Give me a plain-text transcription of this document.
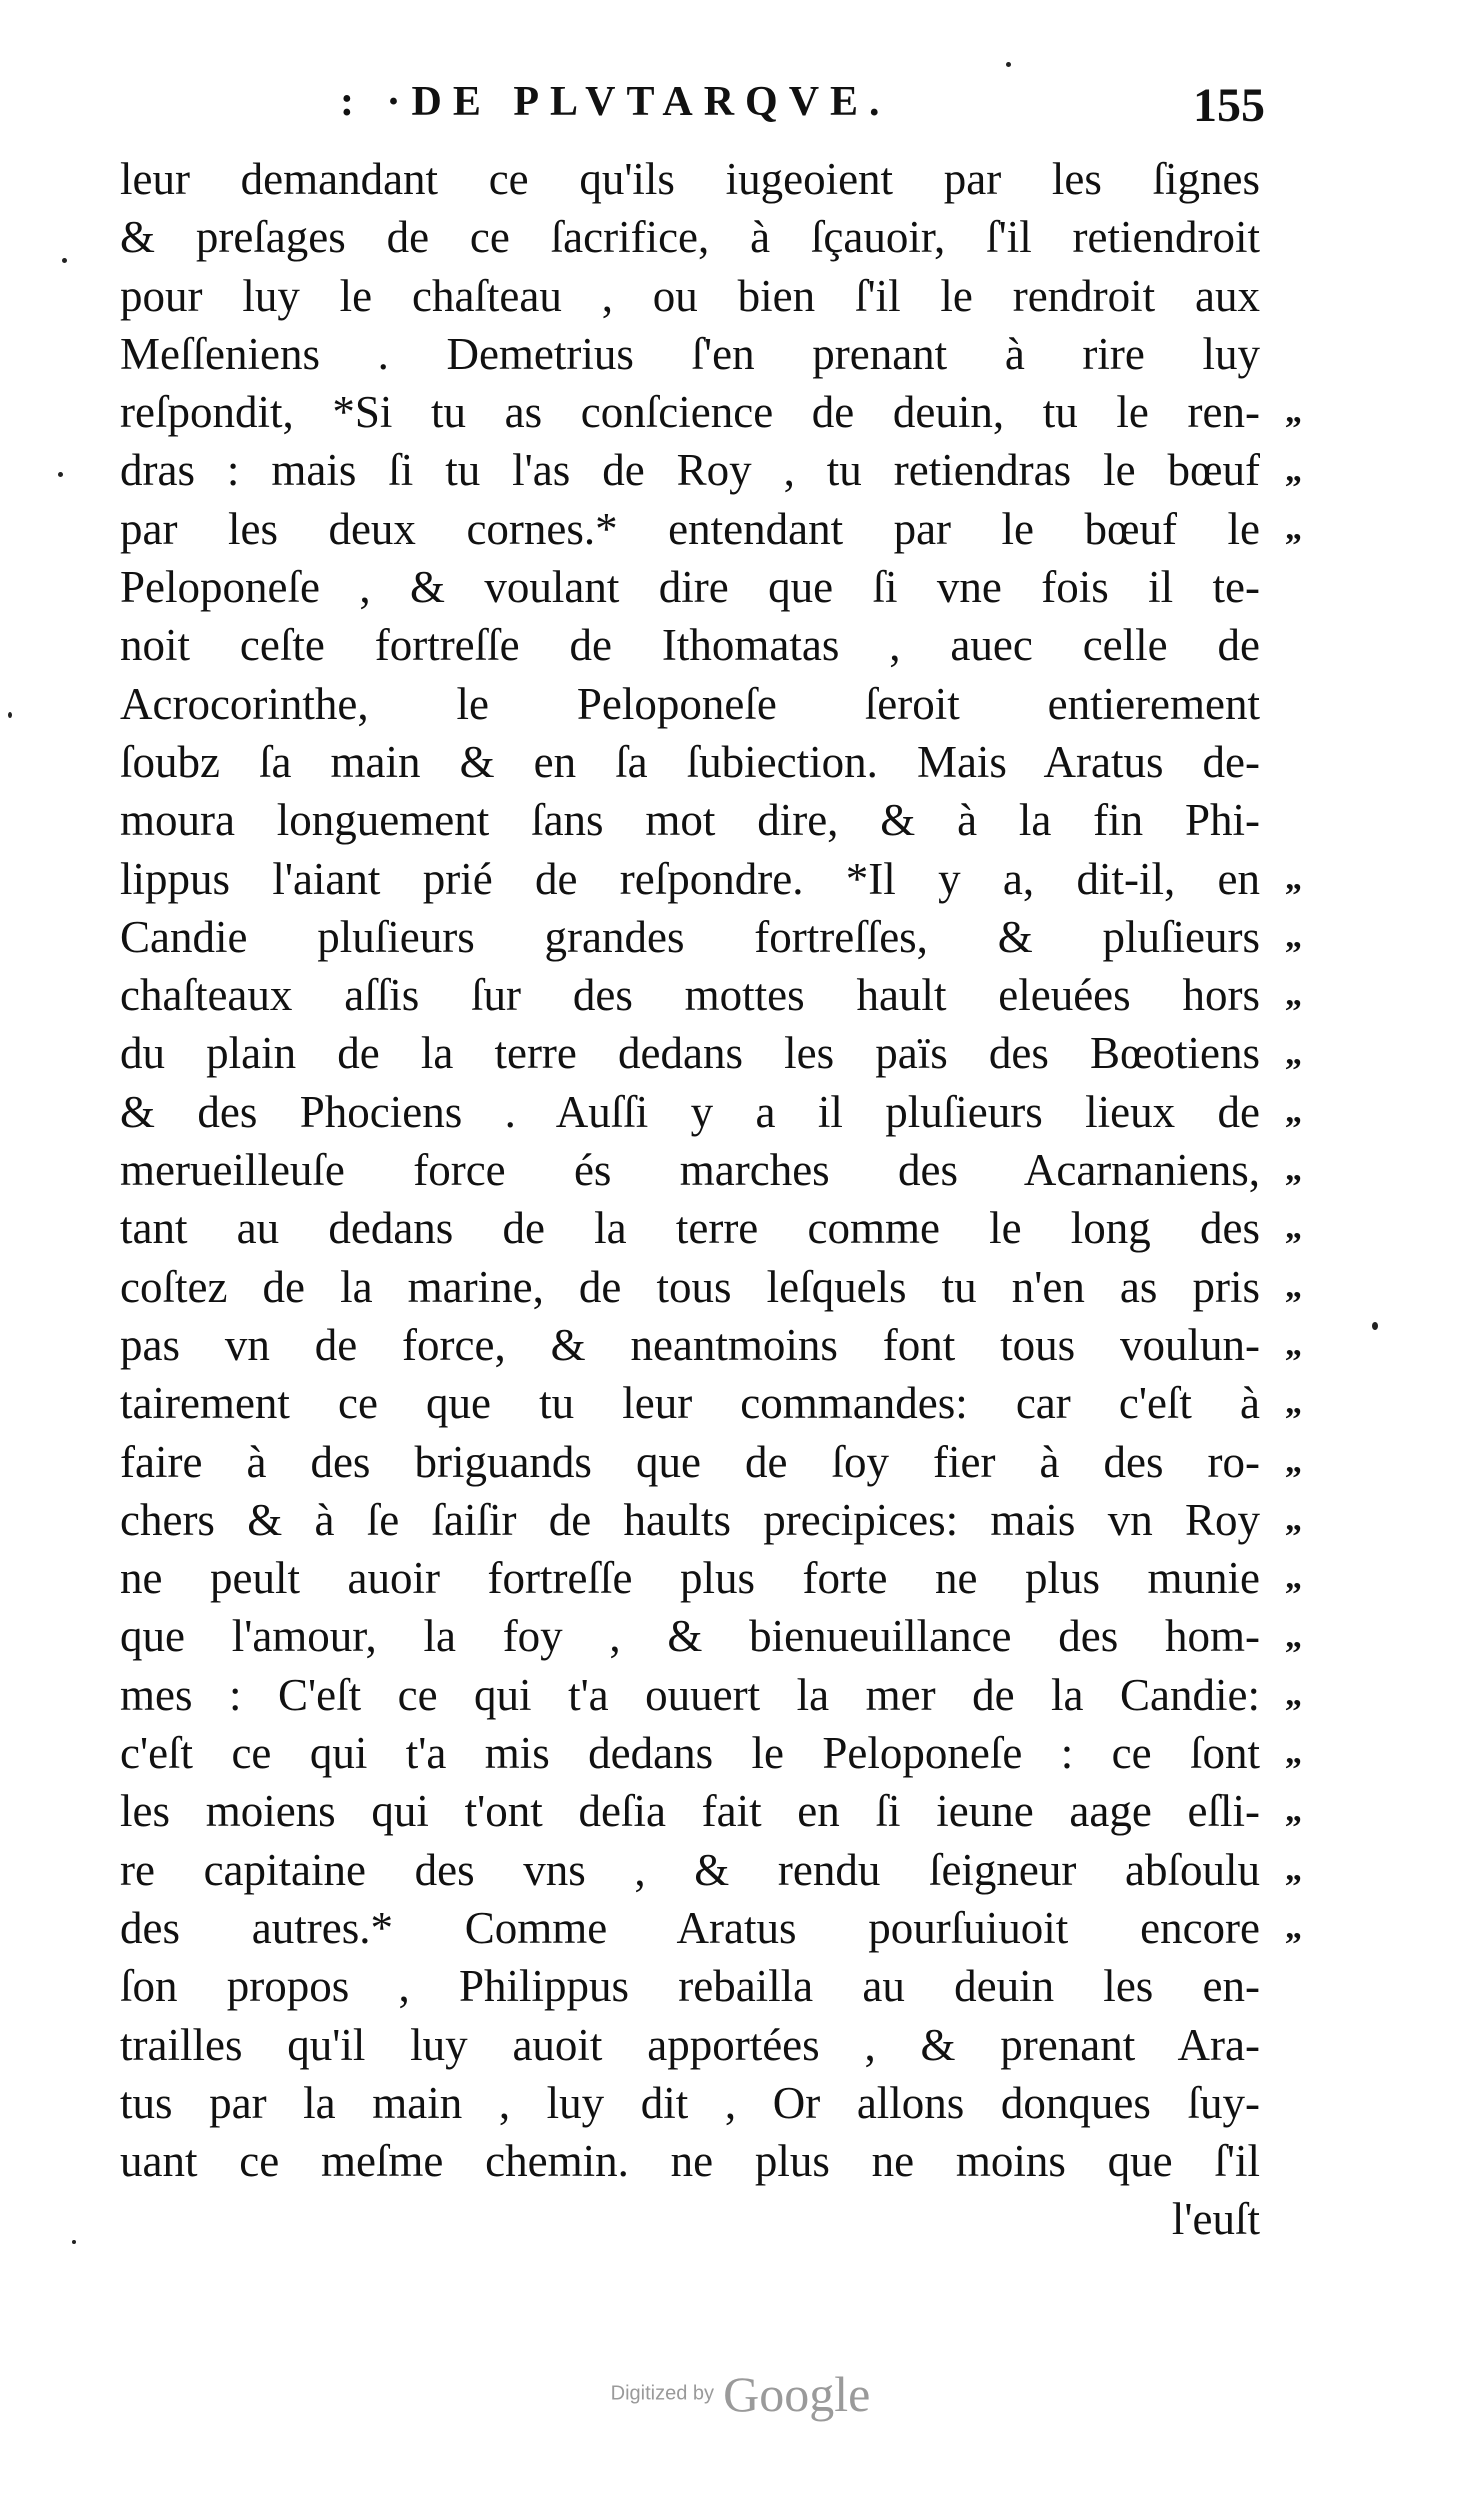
: ·DE PLVTARQVE.	155
leur demandant ce qu'ils iugeoient par les ſignes
& preſages de ce ſacrifice, à ſçauoir, ſ'il retiendroit
pour luy le chaſteau , ou bien ſ'il le rendroit aux
Meſſeniens . Demetrius ſ'en prenant à rire luy
reſpondit, *Si tu as conſcience de deuin, tu le ren-
dras : mais ſi tu l'as de Roy , tu retiendras le bœuf
par les deux cornes.* entendant par le bœuf le
Peloponeſe , & voulant dire que ſi vne fois il te-
noit ceſte fortreſſe de Ithomatas , auec celle de
Acrocorinthe, le Peloponeſe ſeroit entierement
ſoubz ſa main & en ſa ſubiection. Mais Aratus de-
moura longuement ſans mot dire, & à la fin Phi-
lippus l'aiant prié de reſpondre. *Il y a, dit-il, en
Candie pluſieurs grandes fortreſſes, & pluſieurs
chaſteaux aſſis ſur des mottes hault eleuées hors
du plain de la terre dedans les païs des Bœotiens
& des Phociens . Auſſi y a il pluſieurs lieux de
merueilleuſe force és marches des Acarnaniens,
tant au dedans de la terre comme le long des
coſtez de la marine, de tous leſquels tu n'en as pris
pas vn de force, & neantmoins font tous voulun-
tairement ce que tu leur commandes: car c'eſt à
faire à des briguands que de ſoy fier à des ro-
chers & à ſe ſaiſir de haults precipices: mais vn Roy
ne peult auoir fortreſſe plus forte ne plus munie
que l'amour, la foy , & bienueuillance des hom-
mes : C'eſt ce qui t'a ouuert la mer de la Candie:
c'eſt ce qui t'a mis dedans le Peloponeſe : ce ſont
les moiens qui t'ont deſia fait en ſi ieune aage eſli-
re capitaine des vns , & rendu ſeigneur abſoulu
des autres.* Comme Aratus pourſuiuoit encore
ſon propos , Philippus rebailla au deuin les en-
trailles qu'il luy auoit apportées , & prenant Ara-
tus par la main , luy dit , Or allons donques ſuy-
uant ce meſme chemin. ne plus ne moins que ſ'il
l'euſt
„
„
„
„
„
„
„
„
„
„
„
„
„
„
„
„
„
„
„
„
„
„
Digitized by Google
